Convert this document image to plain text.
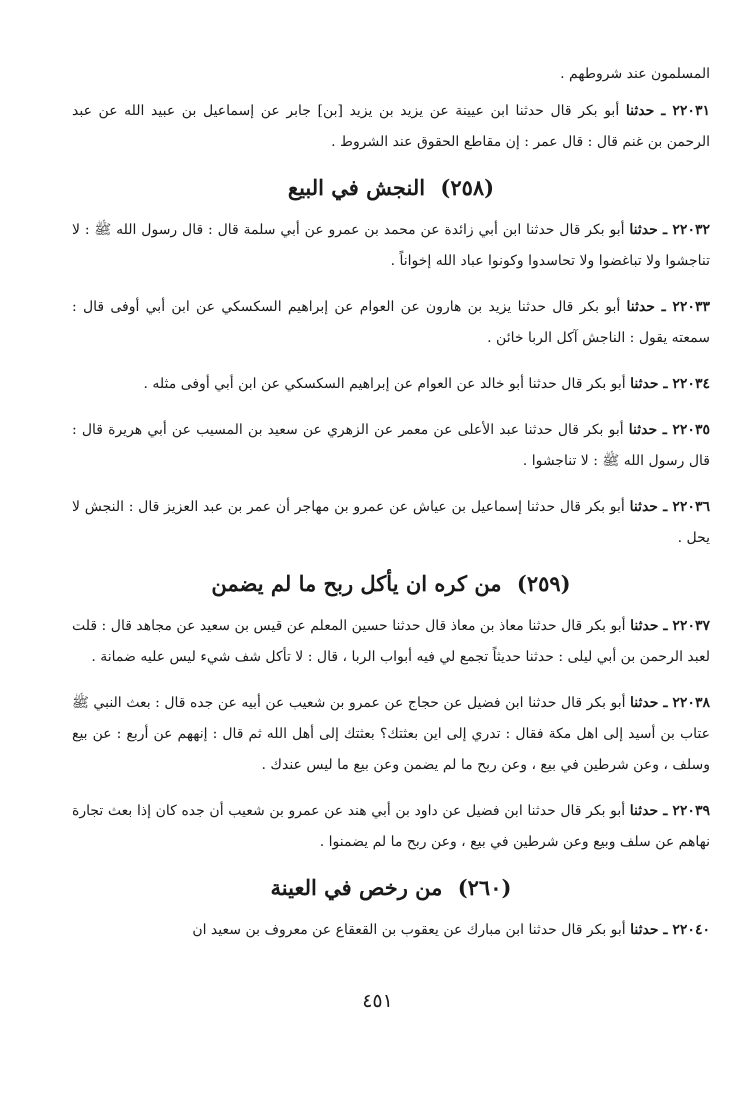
المسلمون عند شروطهم .

٢٢٠٣١ ـ حدثنا أبو بكر قال حدثنا ابن عيينة عن يزيد بن يزيد [بن] جابر عن إسماعيل بن عبيد الله عن عبد الرحمن بن غنم قال : قال عمر : إن مقاطع الحقوق عند الشروط .

(٢٥٨) النجش في البيع

٢٢٠٣٢ ـ حدثنا أبو بكر قال حدثنا ابن أبي زائدة عن محمد بن عمرو عن أبي سلمة قال : قال رسول الله ﷺ : لا تناجشوا ولا تباغضوا ولا تحاسدوا وكونوا عباد الله إخواناً .

٢٢٠٣٣ ـ حدثنا أبو بكر قال حدثنا يزيد بن هارون عن العوام عن إبراهيم السكسكي عن ابن أبي أوفى قال : سمعته يقول : الناجش آكل الربا خائن .

٢٢٠٣٤ ـ حدثنا أبو بكر قال حدثنا أبو خالد عن العوام عن إبراهيم السكسكي عن ابن أبي أوفى مثله .

٢٢٠٣٥ ـ حدثنا أبو بكر قال حدثنا عبد الأعلى عن معمر عن الزهري عن سعيد بن المسيب عن أبي هريرة قال : قال رسول الله ﷺ : لا تناجشوا .

٢٢٠٣٦ ـ حدثنا أبو بكر قال حدثنا إسماعيل بن عياش عن عمرو بن مهاجر أن عمر بن عبد العزيز قال : النجش لا يحل .

(٢٥٩) من كره ان يأكل ربح ما لم يضمن

٢٢٠٣٧ ـ حدثنا أبو بكر قال حدثنا معاذ بن معاذ قال حدثنا حسين المعلم عن قيس بن سعيد عن مجاهد قال : قلت لعبد الرحمن بن أبي ليلى : حدثنا حديثاً تجمع لي فيه أبواب الربا ، قال : لا تأكل شف شيء ليس عليه ضمانة .

٢٢٠٣٨ ـ حدثنا أبو بكر قال حدثنا ابن فضيل عن حجاج عن عمرو بن شعيب عن أبيه عن جده قال : بعث النبي ﷺ عتاب بن أسيد إلى اهل مكة فقال : تدري إلى اين بعثتك؟ بعثتك إلى أهل الله ثم قال : إنههم عن أربع : عن بيع وسلف ، وعن شرطين في بيع ، وعن ربح ما لم يضمن وعن بيع ما ليس عندك .

٢٢٠٣٩ ـ حدثنا أبو بكر قال حدثنا ابن فضيل عن داود بن أبي هند عن عمرو بن شعيب أن جده كان إذا بعث تجارة نهاهم عن سلف وبيع وعن شرطين في بيع ، وعن ربح ما لم يضمنوا .

(٢٦٠) من رخص في العينة

٢٢٠٤٠ ـ حدثنا أبو بكر قال حدثنا ابن مبارك عن يعقوب بن القعقاع عن معروف بن سعيد ان

٤٥١
